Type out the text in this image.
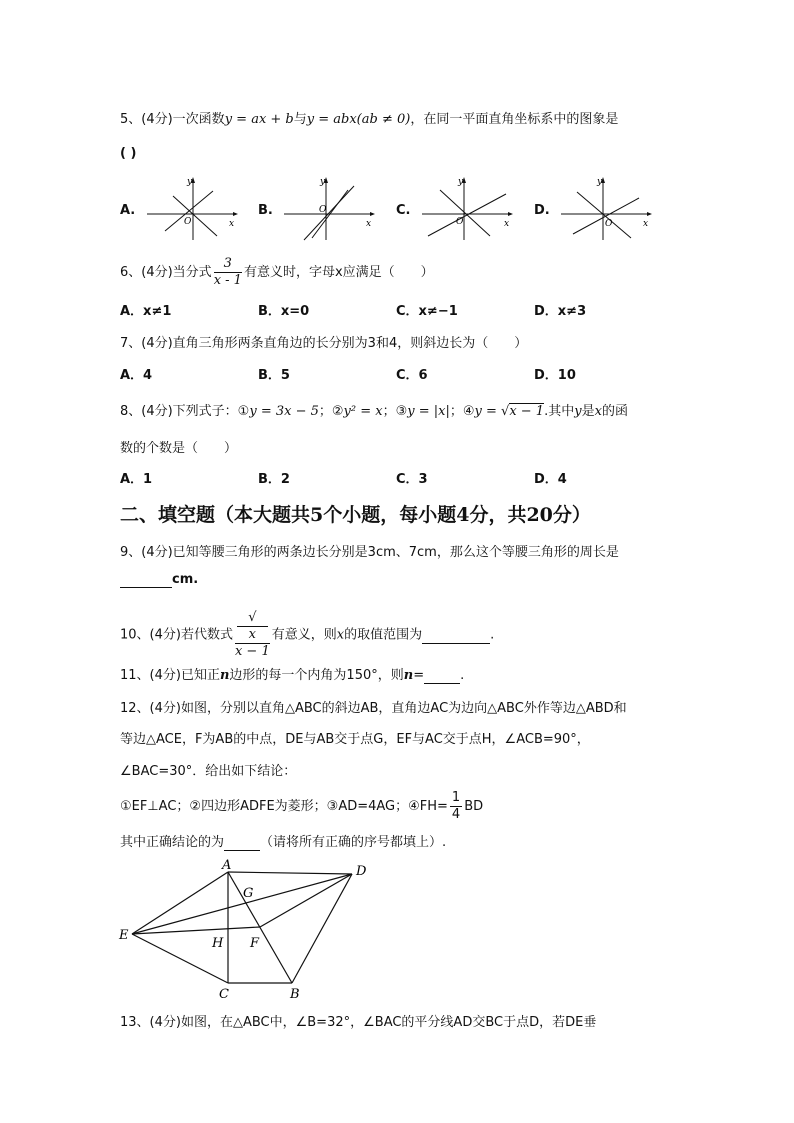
5、(4分)一次函数y = ax + b与y = abx(ab ≠ 0)，在同一平面直角坐标系中的图象是
( )
A.	B.	C.	D.
y
x
O
y
x
O
y
x
O
y
x
O
6、(4分)当分式 $\frac{3}{x - 1}$ 有意义时，字母x应满足（　　）
A．x≠1	B．x=0	C．x≠−1	D．x≠3
7、(4分)直角三角形两条直角边的长分别为3和4，则斜边长为（　　）
A．4	B．5	C．6	D．10
8、(4分)下列式子：①y = 3x − 5；②y² = x；③y = |x|；④y = √x − 1.其中y是x的函
数的个数是（　　）
A．1	B．2	C．3	D．4
二、填空题（本大题共5个小题，每小题4分，共20分）
9、(4分)已知等腰三角形的两条边长分别是3cm、7cm，那么这个等腰三角形的周长是
cm.
10、(4分)若代数式 √
x
x − 1 有意义，则x的取值范围为	.
11、(4分)已知正n边形的每一个内角为150°，则n=	.
12、(4分)如图，分别以直角△ABC的斜边AB，直角边AC为边向△ABC外作等边△ABD和
等边△ACE，F为AB的中点，DE与AB交于点G，EF与AC交于点H，∠ACB=90°，
∠BAC=30°．给出如下结论：
①EF⊥AC；②四边形ADFE为菱形；③AD=4AG；④FH= $\frac{1}{4}$ BD
其中正确结论的为	（请将所有正确的序号都填上）.
A	D
E
G
H F
C	B
13、(4分)如图，在△ABC中，∠B=32°，∠BAC的平分线AD交BC于点D，若DE垂
